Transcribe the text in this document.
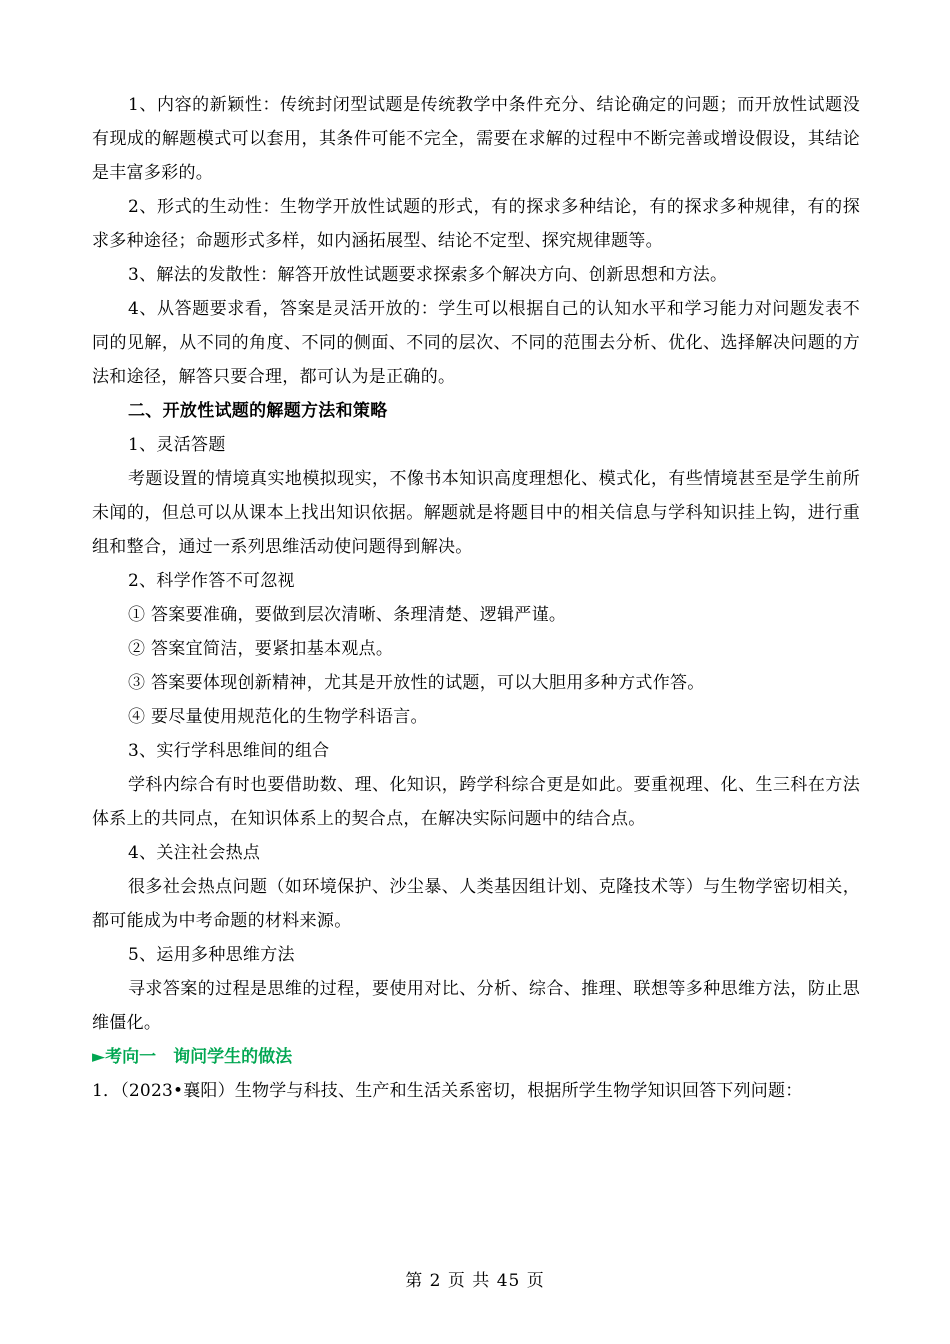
1、内容的新颖性：传统封闭型试题是传统教学中条件充分、结论确定的问题；而开放性试题没有现成的解题模式可以套用，其条件可能不完全，需要在求解的过程中不断完善或增设假设，其结论是丰富多彩的。

2、形式的生动性：生物学开放性试题的形式，有的探求多种结论，有的探求多种规律，有的探求多种途径；命题形式多样，如内涵拓展型、结论不定型、探究规律题等。

3、解法的发散性：解答开放性试题要求探索多个解决方向、创新思想和方法。

4、从答题要求看，答案是灵活开放的：学生可以根据自己的认知水平和学习能力对问题发表不同的见解，从不同的角度、不同的侧面、不同的层次、不同的范围去分析、优化、选择解决问题的方法和途径，解答只要合理，都可认为是正确的。

二、开放性试题的解题方法和策略

1、灵活答题

考题设置的情境真实地模拟现实，不像书本知识高度理想化、模式化，有些情境甚至是学生前所未闻的，但总可以从课本上找出知识依据。解题就是将题目中的相关信息与学科知识挂上钩，进行重组和整合，通过一系列思维活动使问题得到解决。

2、科学作答不可忽视

① 答案要准确，要做到层次清晰、条理清楚、逻辑严谨。

② 答案宜简洁，要紧扣基本观点。

③ 答案要体现创新精神，尤其是开放性的试题，可以大胆用多种方式作答。

④ 要尽量使用规范化的生物学科语言。

3、实行学科思维间的组合

学科内综合有时也要借助数、理、化知识，跨学科综合更是如此。要重视理、化、生三科在方法体系上的共同点，在知识体系上的契合点，在解决实际问题中的结合点。

4、关注社会热点

很多社会热点问题（如环境保护、沙尘暴、人类基因组计划、克隆技术等）与生物学密切相关，都可能成为中考命题的材料来源。

5、运用多种思维方法

寻求答案的过程是思维的过程，要使用对比、分析、综合、推理、联想等多种思维方法，防止思维僵化。

►考向一　询问学生的做法

1．（2023•襄阳）生物学与科技、生产和生活关系密切，根据所学生物学知识回答下列问题：

第 2 页 共 45 页
